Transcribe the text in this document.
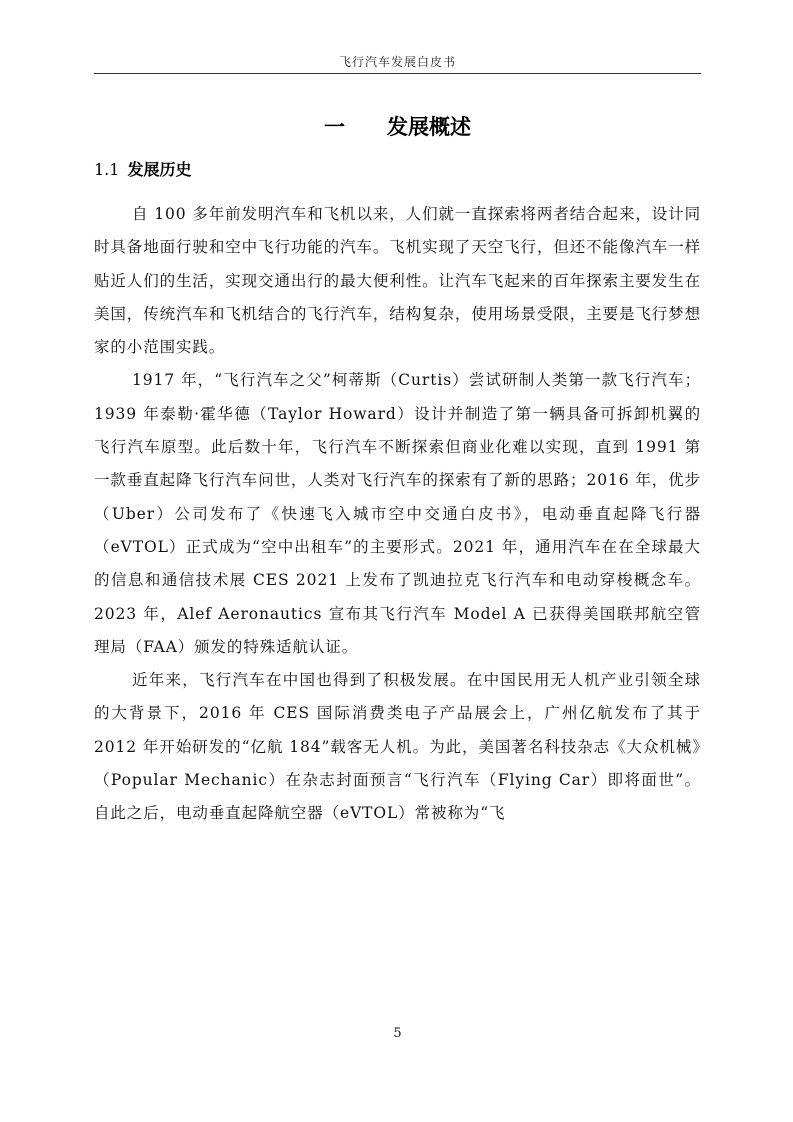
飞行汽车发展白皮书
一 发展概述
1.1 发展历史

自 100 多年前发明汽车和飞机以来，人们就一直探索将两者结合起来，设计同时具备地面行驶和空中飞行功能的汽车。飞机实现了天空飞行，但还不能像汽车一样贴近人们的生活，实现交通出行的最大便利性。让汽车飞起来的百年探索主要发生在美国，传统汽车和飞机结合的飞行汽车，结构复杂，使用场景受限，主要是飞行梦想家的小范围实践。

1917 年，“飞行汽车之父”柯蒂斯（Curtis）尝试研制人类第一款飞行汽车；1939 年泰勒·霍华德（Taylor Howard）设计并制造了第一辆具备可拆卸机翼的飞行汽车原型。此后数十年，飞行汽车不断探索但商业化难以实现，直到 1991 第一款垂直起降飞行汽车问世，人类对飞行汽车的探索有了新的思路；2016 年，优步（Uber）公司发布了《快速飞入城市空中交通白皮书》，电动垂直起降飞行器（eVTOL）正式成为“空中出租车”的主要形式。2021 年，通用汽车在在全球最大的信息和通信技术展 CES 2021 上发布了凯迪拉克飞行汽车和电动穿梭概念车。2023 年，Alef Aeronautics 宣布其飞行汽车 Model A 已获得美国联邦航空管理局（FAA）颁发的特殊适航认证。

近年来，飞行汽车在中国也得到了积极发展。在中国民用无人机产业引领全球的大背景下，2016 年 CES 国际消费类电子产品展会上，广州亿航发布了其于 2012 年开始研发的“亿航 184”载客无人机。为此，美国著名科技杂志《大众机械》（Popular Mechanic）在杂志封面预言“飞行汽车（Flying Car）即将面世”。自此之后，电动垂直起降航空器（eVTOL）常被称为“飞

5
